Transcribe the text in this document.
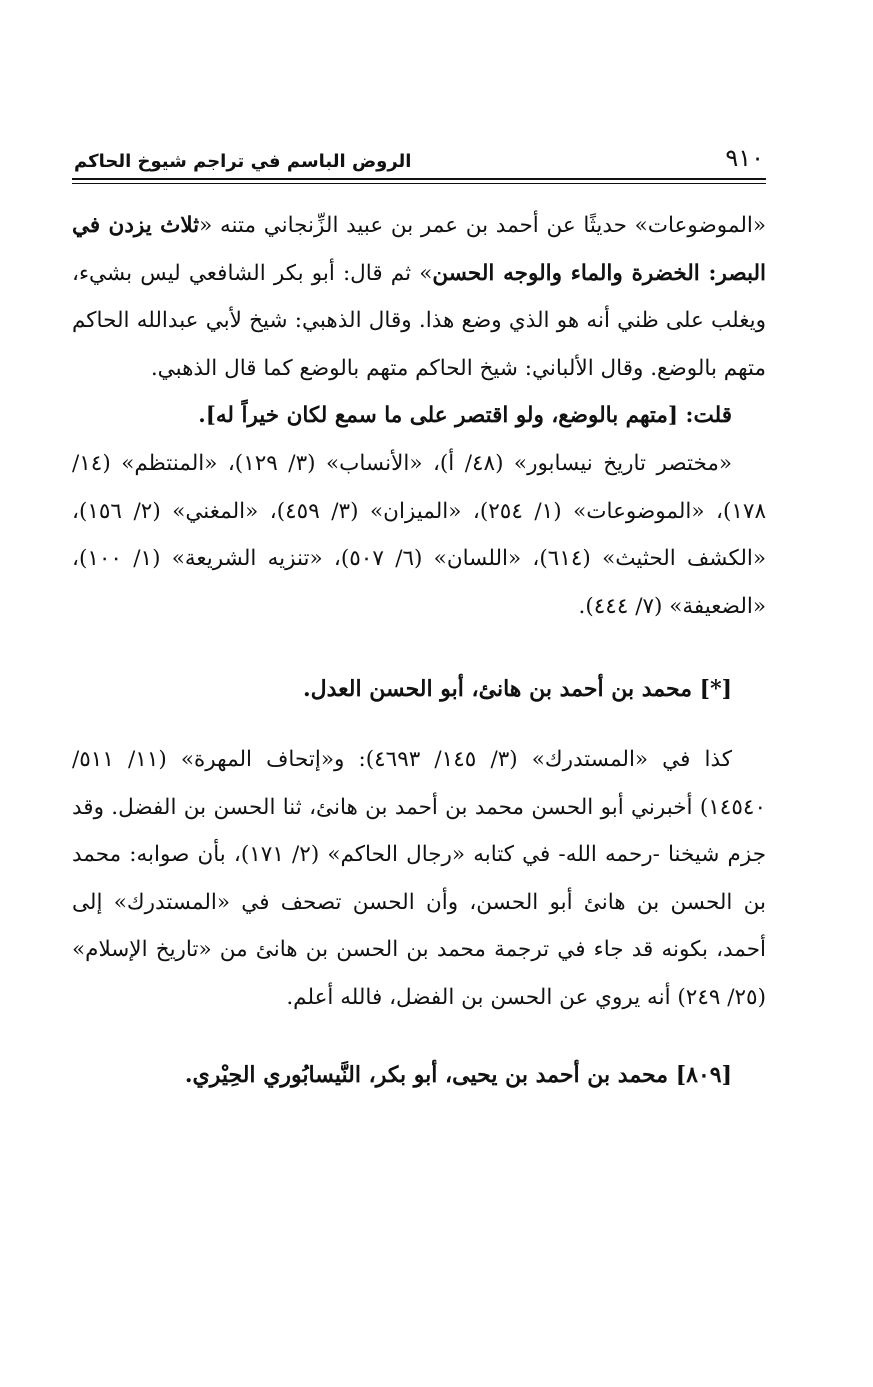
٩١٠
الروض الباسم في تراجم شيوخ الحاكم

«الموضوعات» حديثًا عن أحمد بن عمر بن عبيد الزِّنجاني متنه «ثلاث يزدن في البصر: الخضرة والماء والوجه الحسن» ثم قال: أبو بكر الشافعي ليس بشيء، ويغلب على ظني أنه هو الذي وضع هذا. وقال الذهبي: شيخ لأبي عبدالله الحاكم متهم بالوضع. وقال الألباني: شيخ الحاكم متهم بالوضع كما قال الذهبي.

قلت: [متهم بالوضع، ولو اقتصر على ما سمع لكان خيراً له].

«مختصر تاريخ نيسابور» (٤٨/ أ)، «الأنساب» (٣/ ١٢٩)، «المنتظم» (١٤/ ١٧٨)، «الموضوعات» (١/ ٢٥٤)، «الميزان» (٣/ ٤٥٩)، «المغني» (٢/ ١٥٦)، «الكشف الحثيث» (٦١٤)، «اللسان» (٦/ ٥٠٧)، «تنزيه الشريعة» (١/ ١٠٠)، «الضعيفة» (٧/ ٤٤٤).

[*] محمد بن أحمد بن هانئ، أبو الحسن العدل.

كذا في «المستدرك» (٣/ ١٤٥/ ٤٦٩٣): و«إتحاف المهرة» (١١/ ٥١١/ ١٤٥٤٠) أخبرني أبو الحسن محمد بن أحمد بن هانئ، ثنا الحسن بن الفضل. وقد جزم شيخنا -رحمه الله- في كتابه «رجال الحاكم» (٢/ ١٧١)، بأن صوابه: محمد بن الحسن بن هانئ أبو الحسن، وأن الحسن تصحف في «المستدرك» إلى أحمد، بكونه قد جاء في ترجمة محمد بن الحسن بن هانئ من «تاريخ الإسلام» (٢٥/ ٢٤٩) أنه يروي عن الحسن بن الفضل، فالله أعلم.

[٨٠٩] محمد بن أحمد بن يحيى، أبو بكر، النَّيسابُوري الحِيْري.
